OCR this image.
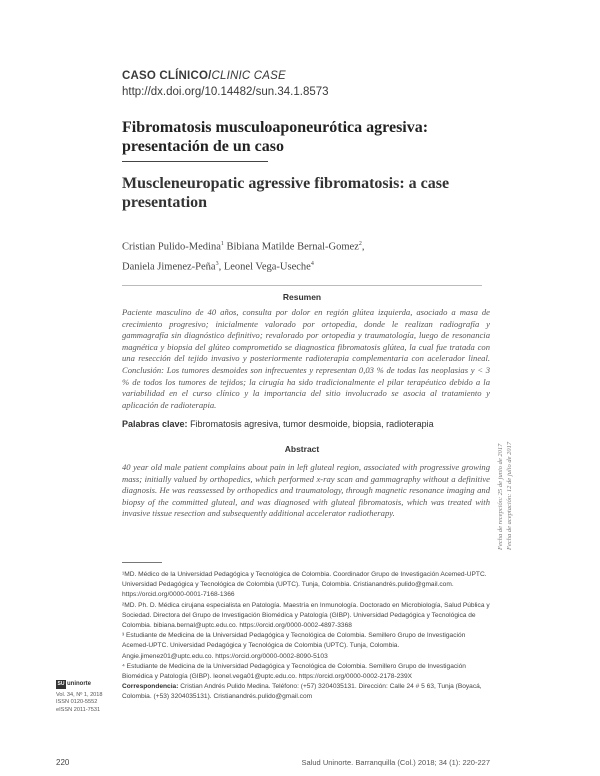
CASO CLÍNICO/CLINIC CASE
http://dx.doi.org/10.14482/sun.34.1.8573
Fibromatosis musculoaponeurótica agresiva: presentación de un caso
Muscleneuropatic agressive fibromatosis: a case presentation
Cristian Pulido-Medina$^1$ Bibiana Matilde Bernal-Gomez$^2$,
Daniela Jimenez-Peña$^3$, Leonel Vega-Useche$^4$
Resumen

Paciente masculino de 40 años, consulta por dolor en región glútea izquierda, asociado a masa de crecimiento progresivo; inicialmente valorado por ortopedia, donde le realizan radiografía y gammagrafía sin diagnóstico definitivo; revalorado por ortopedia y traumatología, luego de resonancia magnética y biopsia del glúteo comprometido se diagnostica fibromatosis glútea, la cual fue tratada con una resección del tejido invasivo y posteriormente radioterapia complementaria con acelerador lineal. Conclusión: Los tumores desmoides son infrecuentes y representan 0,03 % de todas las neoplasias y < 3 % de todos los tumores de tejidos; la cirugía ha sido tradicionalmente el pilar terapéutico debido a la variabilidad en el curso clínico y la importancia del sitio involucrado se asocia al tratamiento y aplicación de radioterapia.

Palabras clave: Fibromatosis agresiva, tumor desmoide, biopsia, radioterapia
Abstract

40 year old male patient complains about pain in left gluteal region, associated with progressive growing mass; initially valued by orthopedics, which performed x-ray scan and gammagraphy without a definitive diagnosis. He was reassessed by orthopedics and traumatology, through magnetic resonance imaging and biopsy of the committed gluteal, and was diagnosed with gluteal fibromatosis, which was treated with invasive tissue resection and subsequently additional accelerator radiotherapy.	Fecha de recepción: 25 de junio de 2017 Fecha de aceptación: 12 de julio de 2017

¹MD. Médico de la Universidad Pedagógica y Tecnológica de Colombia. Coordinador Grupo de Investigación Acemed-UPTC. Universidad Pedagógica y Tecnológica de Colombia (UPTC). Tunja, Colombia. Cristianandrés.pulido@gmail.com. https://orcid.org/0000-0001-7168-1366

²MD. Ph. D. Médica cirujana especialista en Patología. Maestría en Inmunología. Doctorado en Microbiología, Salud Pública y Sociedad. Directora del Grupo de Investigación Biomédica y Patología (GIBP). Universidad Pedagógica y Tecnológica de Colombia. bibiana.bernal@uptc.edu.co. https://orcid.org/0000-0002-4897-3368

³ Estudiante de Medicina de la Universidad Pedagógica y Tecnológica de Colombia. Semillero Grupo de Investigación Acemed-UPTC. Universidad Pedagógica y Tecnológica de Colombia (UPTC). Tunja, Colombia. Angie.jimenez01@uptc.edu.co. https://orcid.org/0000-0002-8090-5103

⁴ Estudiante de Medicina de la Universidad Pedagógica y Tecnológica de Colombia. Semillero Grupo de Investigación Biomédica y Patología (GIBP). leonel.vega01@uptc.edu.co. https://orcid.org/0000-0002-2178-239X

Correspondencia: Cristian Andrés Pulido Medina. Teléfono: (+57) 3204035131. Dirección: Calle 24 # 5 63, Tunja (Boyacá, Colombia. (+53) 3204035131). Cristianandrés.pulido@gmail.com

SU uninorte
Vol. 34, Nº 1, 2018
ISSN 0120-5552
eISSN 2011-7531
220	Salud Uninorte. Barranquilla (Col.) 2018; 34 (1): 220-227
